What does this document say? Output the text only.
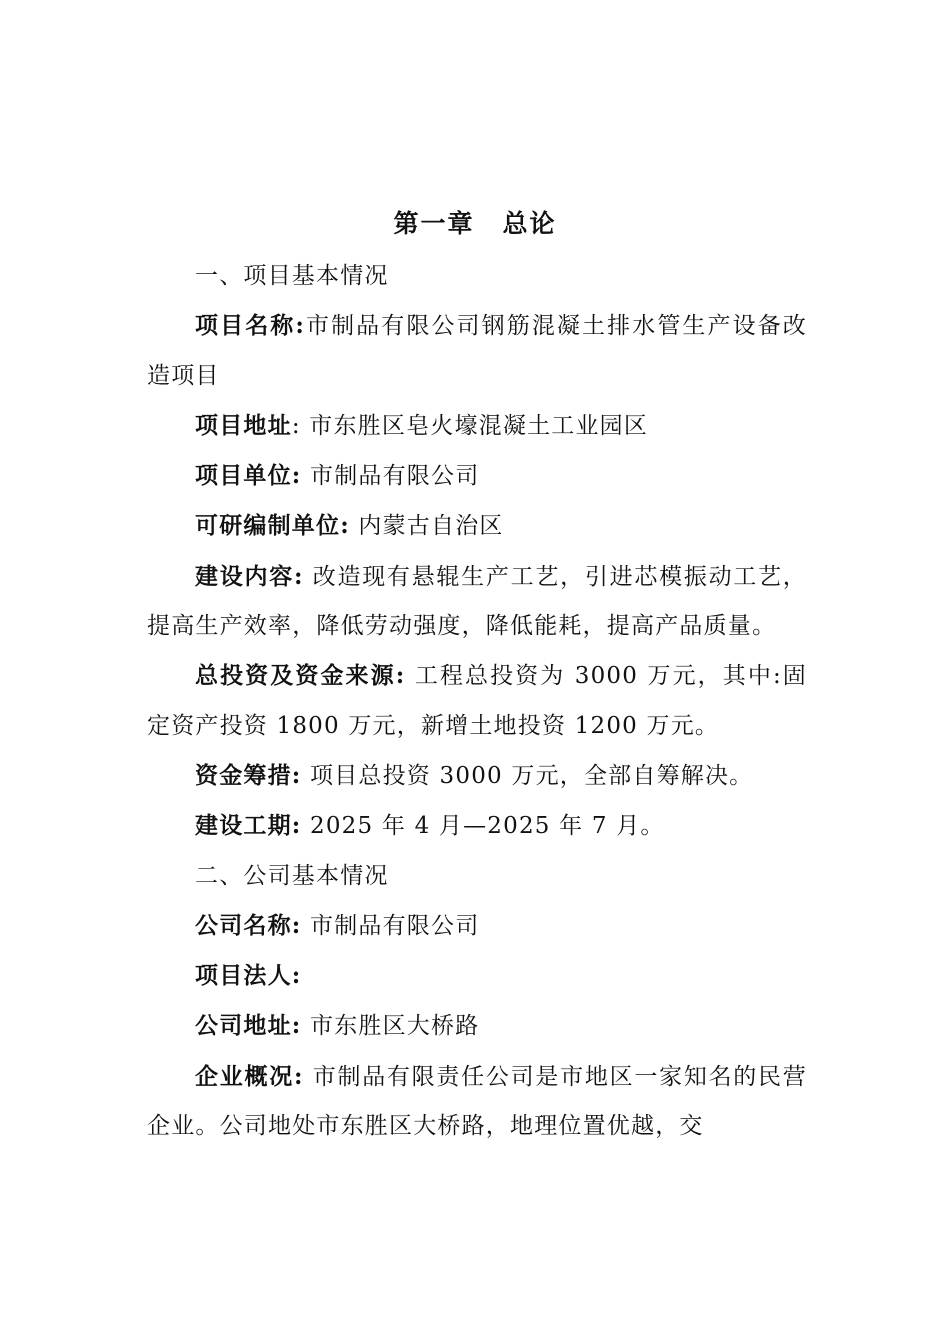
第一章 总论

一、项目基本情况

项目名称:市制品有限公司钢筋混凝土排水管生产设备改造项目

项目地址: 市东胜区皂火壕混凝土工业园区

项目单位: 市制品有限公司

可研编制单位: 内蒙古自治区

建设内容: 改造现有悬辊生产工艺，引进芯模振动工艺，提高生产效率，降低劳动强度，降低能耗，提高产品质量。

总投资及资金来源: 工程总投资为 3000 万元，其中:固定资产投资 1800 万元，新增土地投资 1200 万元。

资金筹措: 项目总投资 3000 万元，全部自筹解决。

建设工期: 2025 年 4 月—2025 年 7 月。

二、公司基本情况

公司名称: 市制品有限公司

项目法人:

公司地址: 市东胜区大桥路

企业概况: 市制品有限责任公司是市地区一家知名的民营企业。公司地处市东胜区大桥路，地理位置优越，交
